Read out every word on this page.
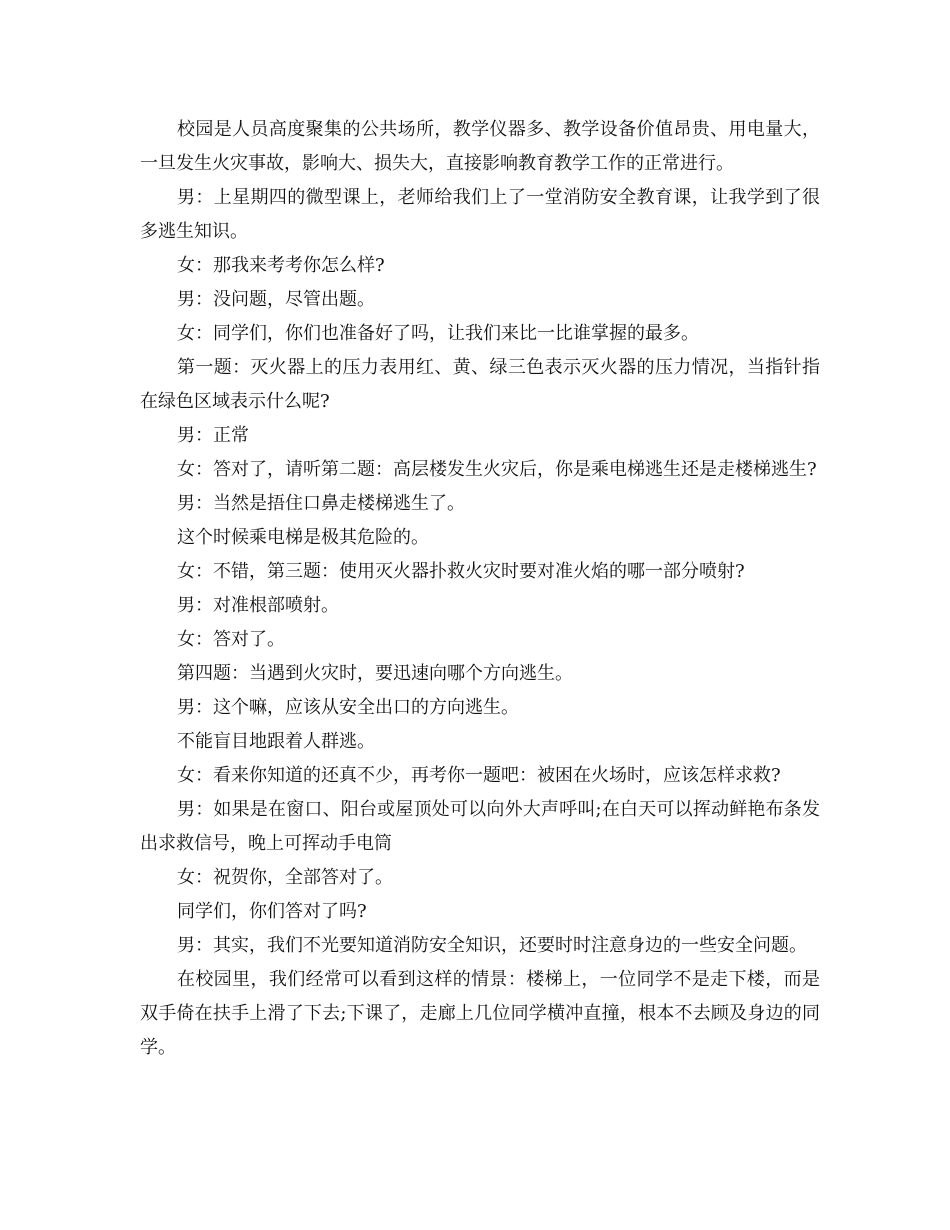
校园是人员高度聚集的公共场所，教学仪器多、教学设备价值昂贵、用电量大，一旦发生火灾事故，影响大、损失大，直接影响教育教学工作的正常进行。

男：上星期四的微型课上，老师给我们上了一堂消防安全教育课，让我学到了很多逃生知识。

女：那我来考考你怎么样?

男：没问题，尽管出题。

女：同学们，你们也准备好了吗，让我们来比一比谁掌握的最多。

第一题：灭火器上的压力表用红、黄、绿三色表示灭火器的压力情况，当指针指在绿色区域表示什么呢?

男：正常

女：答对了，请听第二题：高层楼发生火灾后，你是乘电梯逃生还是走楼梯逃生?

男：当然是捂住口鼻走楼梯逃生了。

这个时候乘电梯是极其危险的。

女：不错，第三题：使用灭火器扑救火灾时要对准火焰的哪一部分喷射?

男：对准根部喷射。

女：答对了。

第四题：当遇到火灾时，要迅速向哪个方向逃生。

男：这个嘛，应该从安全出口的方向逃生。

不能盲目地跟着人群逃。

女：看来你知道的还真不少，再考你一题吧：被困在火场时，应该怎样求救?

男：如果是在窗口、阳台或屋顶处可以向外大声呼叫;在白天可以挥动鲜艳布条发出求救信号，晚上可挥动手电筒

女：祝贺你，全部答对了。

同学们，你们答对了吗?

男：其实，我们不光要知道消防安全知识，还要时时注意身边的一些安全问题。

在校园里，我们经常可以看到这样的情景：楼梯上，一位同学不是走下楼，而是双手倚在扶手上滑了下去;下课了，走廊上几位同学横冲直撞，根本不去顾及身边的同学。
